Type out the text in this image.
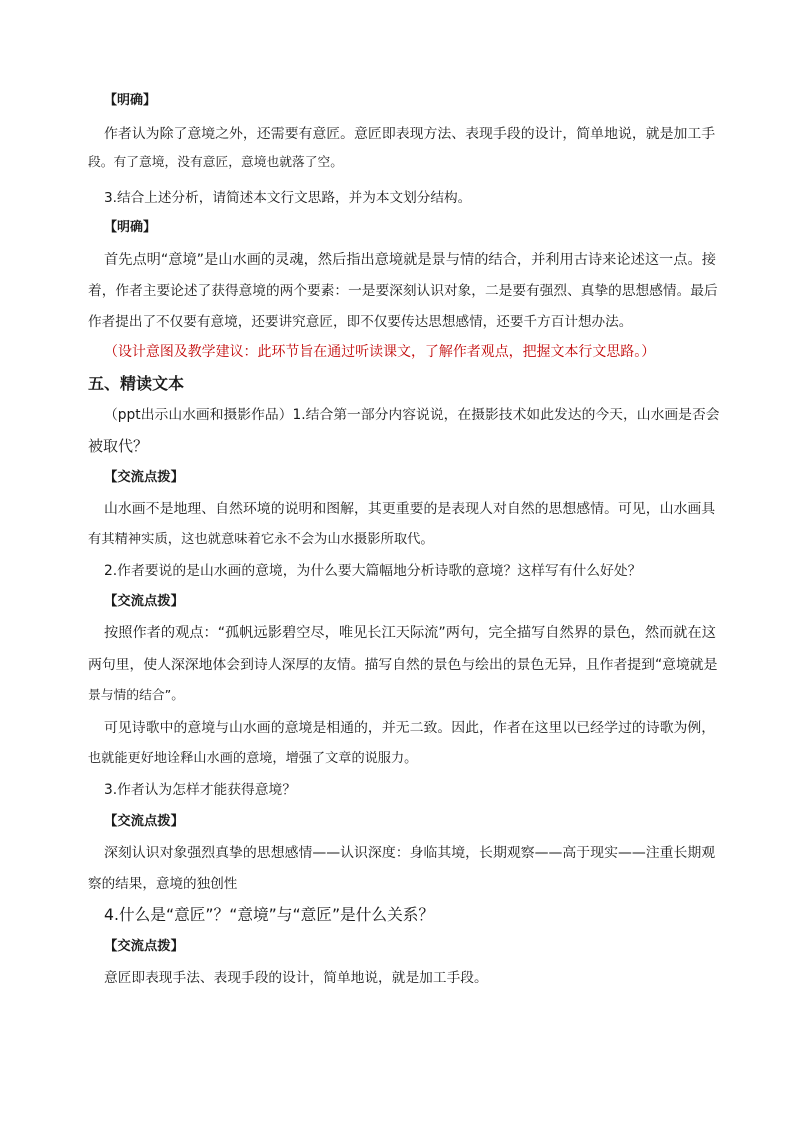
【明确】
作者认为除了意境之外，还需要有意匠。意匠即表现方法、表现手段的设计，简单地说，就是加工手
段。有了意境，没有意匠，意境也就落了空。
3.结合上述分析，请简述本文行文思路，并为本文划分结构。
【明确】
首先点明“意境”是山水画的灵魂，然后指出意境就是景与情的结合，并利用古诗来论述这一点。接
着，作者主要论述了获得意境的两个要素：一是要深刻认识对象，二是要有强烈、真挚的思想感情。最后
作者提出了不仅要有意境，还要讲究意匠，即不仅要传达思想感情，还要千方百计想办法。
（设计意图及教学建议：此环节旨在通过听读课文，了解作者观点，把握文本行文思路。）
五、精读文本
（ppt出示山水画和摄影作品）1.结合第一部分内容说说，在摄影技术如此发达的今天，山水画是否会
被取代？
【交流点拨】
山水画不是地理、自然环境的说明和图解，其更重要的是表现人对自然的思想感情。可见，山水画具
有其精神实质，这也就意味着它永不会为山水摄影所取代。
2.作者要说的是山水画的意境，为什么要大篇幅地分析诗歌的意境？这样写有什么好处？
【交流点拨】
按照作者的观点：“孤帆远影碧空尽，唯见长江天际流”两句，完全描写自然界的景色，然而就在这
两句里，使人深深地体会到诗人深厚的友情。描写自然的景色与绘出的景色无异，且作者提到“意境就是
景与情的结合”。
可见诗歌中的意境与山水画的意境是相通的，并无二致。因此，作者在这里以已经学过的诗歌为例，
也就能更好地诠释山水画的意境，增强了文章的说服力。
3.作者认为怎样才能获得意境？
【交流点拨】
深刻认识对象强烈真挚的思想感情——认识深度：身临其境，长期观察——高于现实——注重长期观
察的结果，意境的独创性
4.什么是“意匠”？“意境”与“意匠”是什么关系？
【交流点拨】
意匠即表现手法、表现手段的设计，简单地说，就是加工手段。
